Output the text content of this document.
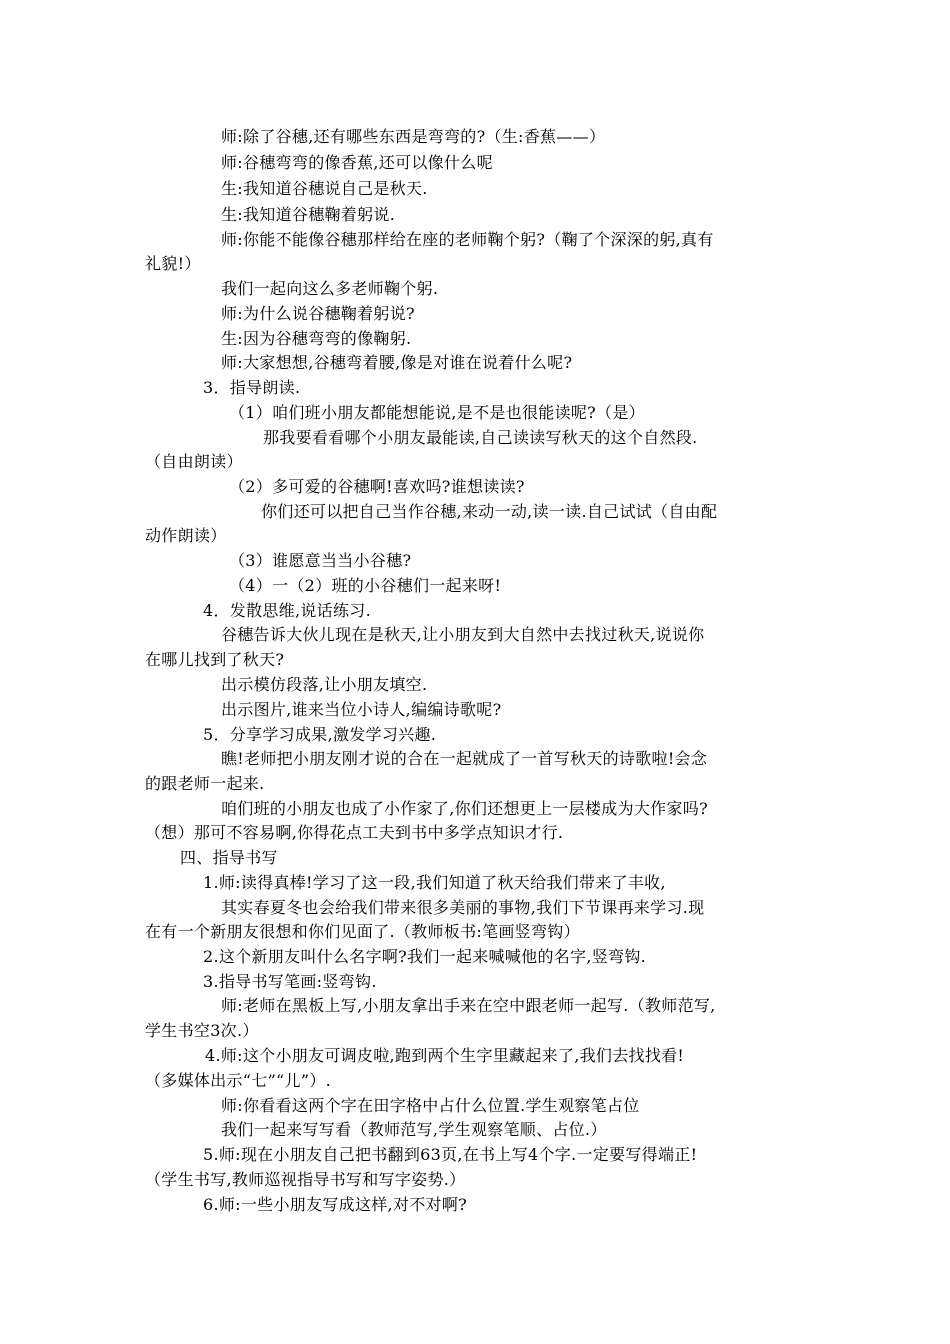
师:除了谷穗,还有哪些东西是弯弯的?（生:香蕉——）
师:谷穗弯弯的像香蕉,还可以像什么呢
生:我知道谷穗说自己是秋天.
生:我知道谷穗鞠着躬说.
师:你能不能像谷穗那样给在座的老师鞠个躬?（鞠了个深深的躬,真有
礼貌!）
我们一起向这么多老师鞠个躬.
师:为什么说谷穗鞠着躬说?
生:因为谷穗弯弯的像鞠躬.
师:大家想想,谷穗弯着腰,像是对谁在说着什么呢?
3．指导朗读.
（1）咱们班小朋友都能想能说,是不是也很能读呢?（是）
那我要看看哪个小朋友最能读,自己读读写秋天的这个自然段.
（自由朗读）
（2）多可爱的谷穗啊!喜欢吗?谁想读读?
你们还可以把自己当作谷穗,来动一动,读一读.自己试试（自由配
动作朗读）
（3）谁愿意当当小谷穗?
（4）一（2）班的小谷穗们一起来呀!
4．发散思维,说话练习.
谷穗告诉大伙儿现在是秋天,让小朋友到大自然中去找过秋天,说说你
在哪儿找到了秋天?
出示模仿段落,让小朋友填空.
出示图片,谁来当位小诗人,编编诗歌呢?
5．分享学习成果,激发学习兴趣.
瞧!老师把小朋友刚才说的合在一起就成了一首写秋天的诗歌啦!会念
的跟老师一起来.
咱们班的小朋友也成了小作家了,你们还想更上一层楼成为大作家吗?
（想）那可不容易啊,你得花点工夫到书中多学点知识才行.
四、指导书写
1.师:读得真棒!学习了这一段,我们知道了秋天给我们带来了丰收,
其实春夏冬也会给我们带来很多美丽的事物,我们下节课再来学习.现
在有一个新朋友很想和你们见面了.（教师板书:笔画竖弯钩）
2.这个新朋友叫什么名字啊?我们一起来喊喊他的名字,竖弯钩.
3.指导书写笔画:竖弯钩.
师:老师在黑板上写,小朋友拿出手来在空中跟老师一起写.（教师范写,
学生书空3次.）
4.师:这个小朋友可调皮啦,跑到两个生字里藏起来了,我们去找找看!
（多媒体出示“七”“儿”）.
师:你看看这两个字在田字格中占什么位置.学生观察笔占位
我们一起来写写看（教师范写,学生观察笔顺、占位.）
5.师:现在小朋友自己把书翻到63页,在书上写4个字.一定要写得端正!
（学生书写,教师巡视指导书写和写字姿势.）
6.师:一些小朋友写成这样,对不对啊?
